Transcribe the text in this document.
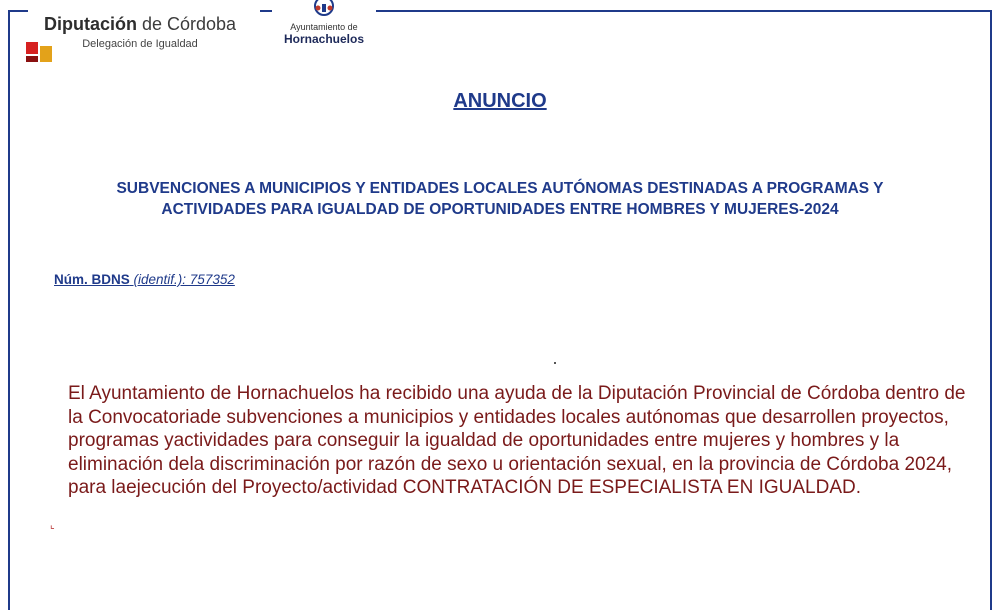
Diputación de Córdoba
Delegación de Igualdad
Ayuntamiento de
Hornachuelos
ANUNCIO
SUBVENCIONES A MUNICIPIOS Y ENTIDADES LOCALES AUTÓNOMAS DESTINADAS A PROGRAMAS Y ACTIVIDADES PARA IGUALDAD DE OPORTUNIDADES ENTRE HOMBRES Y MUJERES-2024
Núm. BDNS (identif.): 757352
⌞
El Ayuntamiento de Hornachuelos ha recibido una ayuda de la Diputación Provincial de Córdoba dentro de la Convocatoriade subvenciones a municipios y entidades locales autónomas que desarrollen proyectos, programas yactividades para conseguir la igualdad de oportunidades entre mujeres y hombres y la eliminación dela discriminación por razón de sexo u orientación sexual, en la provincia de Córdoba 2024, para laejecución del Proyecto/actividad CONTRATACIÓN DE ESPECIALISTA EN IGUALDAD.
